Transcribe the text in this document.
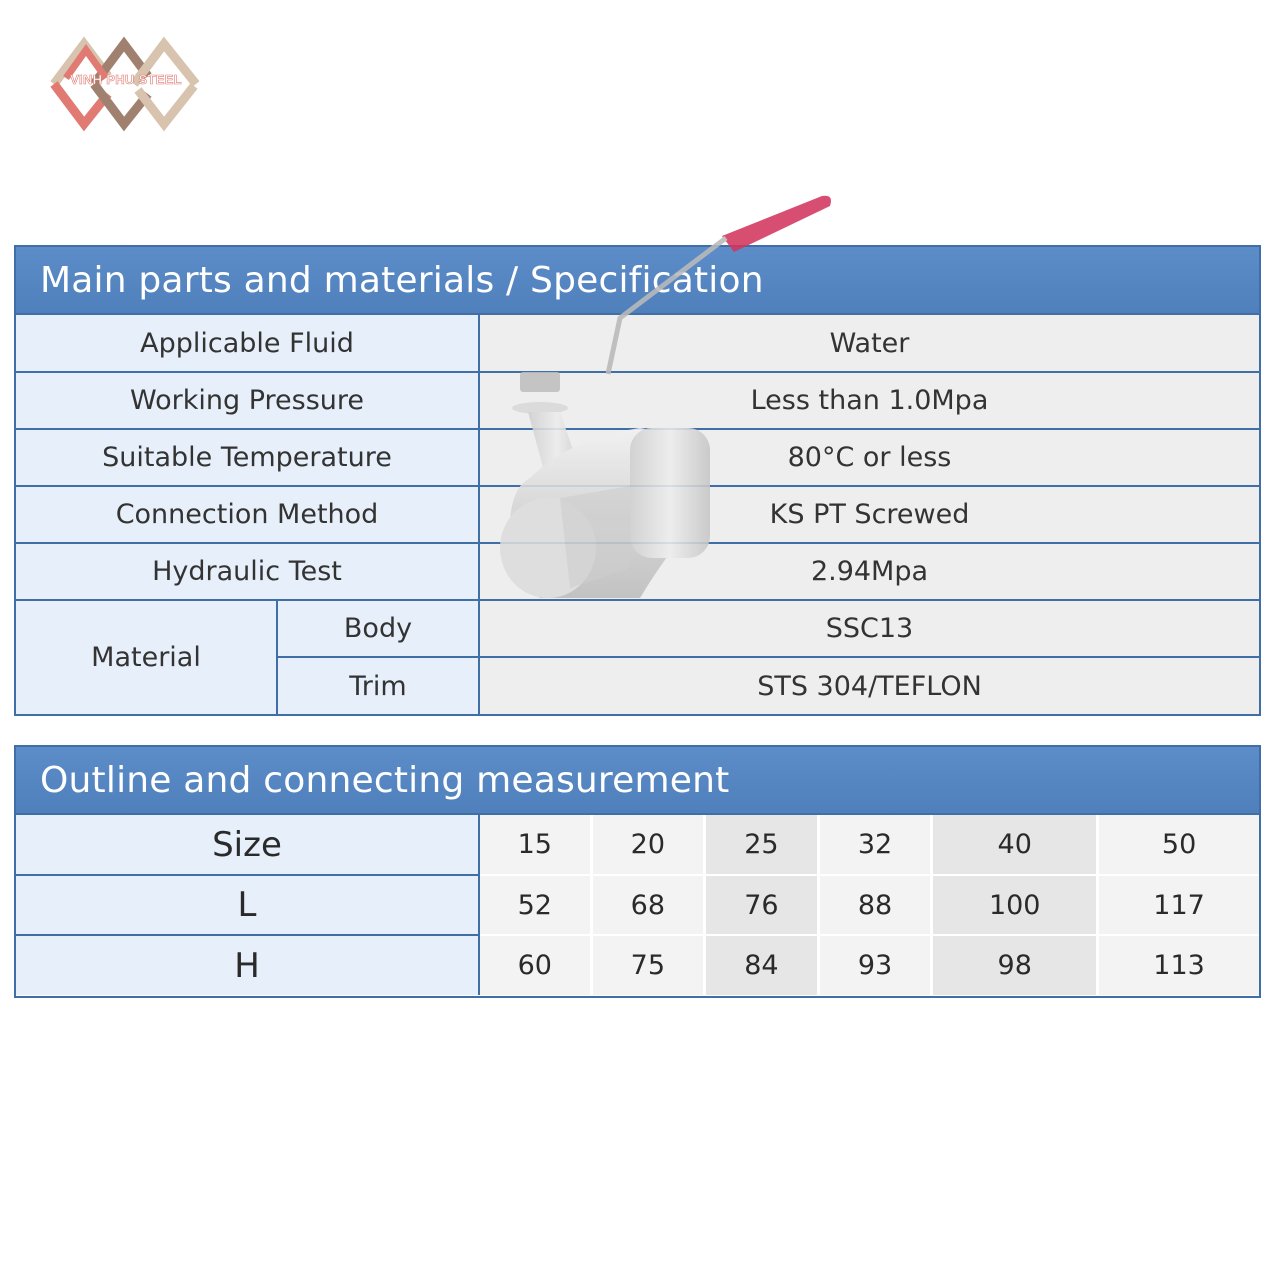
VINH PHU STEEL
Main parts and materials / Specification
Applicable Fluid		Water
Working Pressure		Less than 1.0Mpa
Suitable Temperature		80°C or less
Connection Method		KS PT Screwed
Hydraulic Test		2.94Mpa
Material	Body	SSC13
	Trim	STS 304/TEFLON
Outline and connecting measurement
Size	15	20	25	32	40	50
L	52	68	76	88	100	117
H	60	75	84	93	98	113
